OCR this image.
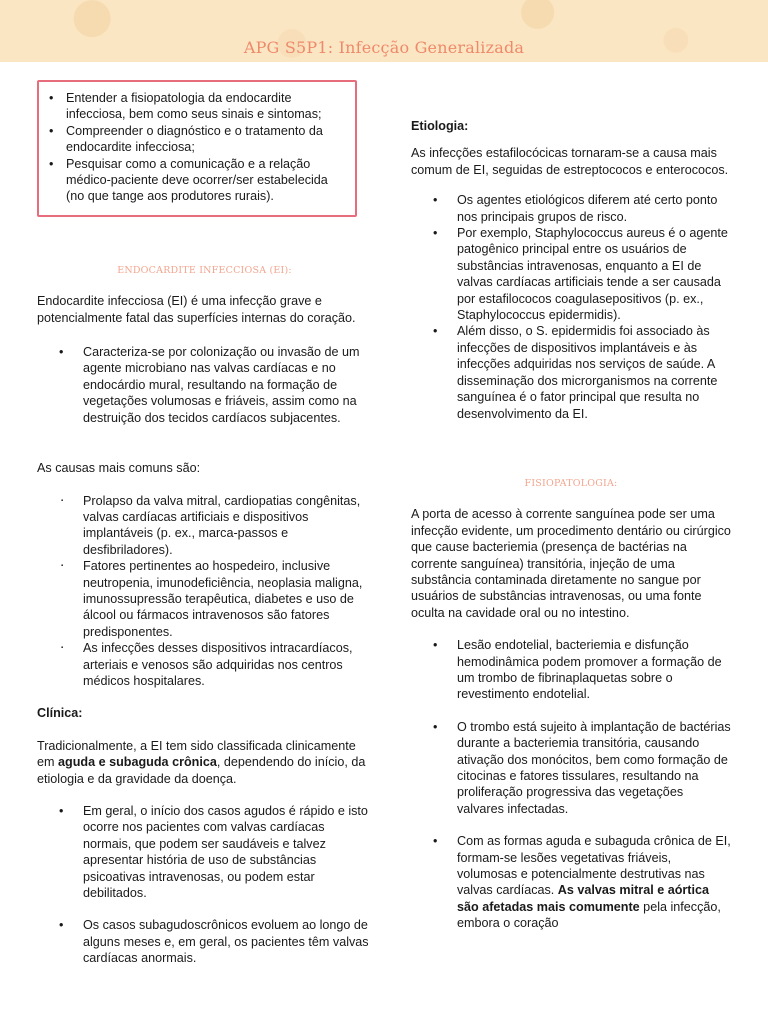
APG S5P1: Infecção Generalizada
• Entender a fisiopatologia da endocardite infecciosa, bem como seus sinais e sintomas;
• Compreender o diagnóstico e o tratamento da endocardite infecciosa;
• Pesquisar como a comunicação e a relação médico-paciente deve ocorrer/ser estabelecida (no que tange aos produtores rurais).
ENDOCARDITE INFECCIOSA (EI):

Endocardite infecciosa (EI) é uma infecção grave e potencialmente fatal das superfícies internas do coração.

• Caracteriza-se por colonização ou invasão de um agente microbiano nas valvas cardíacas e no endocárdio mural, resultando na formação de vegetações volumosas e friáveis, assim como na destruição dos tecidos cardíacos subjacentes.

As causas mais comuns são:

▪ Prolapso da valva mitral, cardiopatias congênitas, valvas cardíacas artificiais e dispositivos implantáveis (p. ex., marca-passos e desfibriladores).
▪ Fatores pertinentes ao hospedeiro, inclusive neutropenia, imunodeficiência, neoplasia maligna, imunossupressão terapêutica, diabetes e uso de álcool ou fármacos intravenosos são fatores predisponentes.
▪ As infecções desses dispositivos intracardíacos, arteriais e venosos são adquiridas nos centros médicos hospitalares.

Clínica:

Tradicionalmente, a EI tem sido classificada clinicamente em aguda e subaguda crônica, dependendo do início, da etiologia e da gravidade da doença.

• Em geral, o início dos casos agudos é rápido e isto ocorre nos pacientes com valvas cardíacas normais, que podem ser saudáveis e talvez apresentar história de uso de substâncias psicoativas intravenosas, ou podem estar debilitados.
• Os casos subagudoscrônicos evoluem ao longo de alguns meses e, em geral, os pacientes têm valvas cardíacas anormais.

Etiologia:

As infecções estafilocócicas tornaram-se a causa mais comum de EI, seguidas de estreptococos e enterococos.

• Os agentes etiológicos diferem até certo ponto nos principais grupos de risco.
• Por exemplo, Staphylococcus aureus é o agente patogênico principal entre os usuários de substâncias intravenosas, enquanto a EI de valvas cardíacas artificiais tende a ser causada por estafilococos coagulasepositivos (p. ex., Staphylococcus epidermidis).
• Além disso, o S. epidermidis foi associado às infecções de dispositivos implantáveis e às infecções adquiridas nos serviços de saúde. A disseminação dos microrganismos na corrente sanguínea é o fator principal que resulta no desenvolvimento da EI.
FISIOPATOLOGIA:

A porta de acesso à corrente sanguínea pode ser uma infecção evidente, um procedimento dentário ou cirúrgico que cause bacteriemia (presença de bactérias na corrente sanguínea) transitória, injeção de uma substância contaminada diretamente no sangue por usuários de substâncias intravenosas, ou uma fonte oculta na cavidade oral ou no intestino.

• Lesão endotelial, bacteriemia e disfunção hemodinâmica podem promover a formação de um trombo de fibrinaplaquetas sobre o revestimento endotelial.
• O trombo está sujeito à implantação de bactérias durante a bacteriemia transitória, causando ativação dos monócitos, bem como formação de citocinas e fatores tissulares, resultando na proliferação progressiva das vegetações valvares infectadas.
• Com as formas aguda e subaguda crônica de EI, formam-se lesões vegetativas friáveis, volumosas e potencialmente destrutivas nas valvas cardíacas. As valvas mitral e aórtica são afetadas mais comumente pela infecção, embora o coração
